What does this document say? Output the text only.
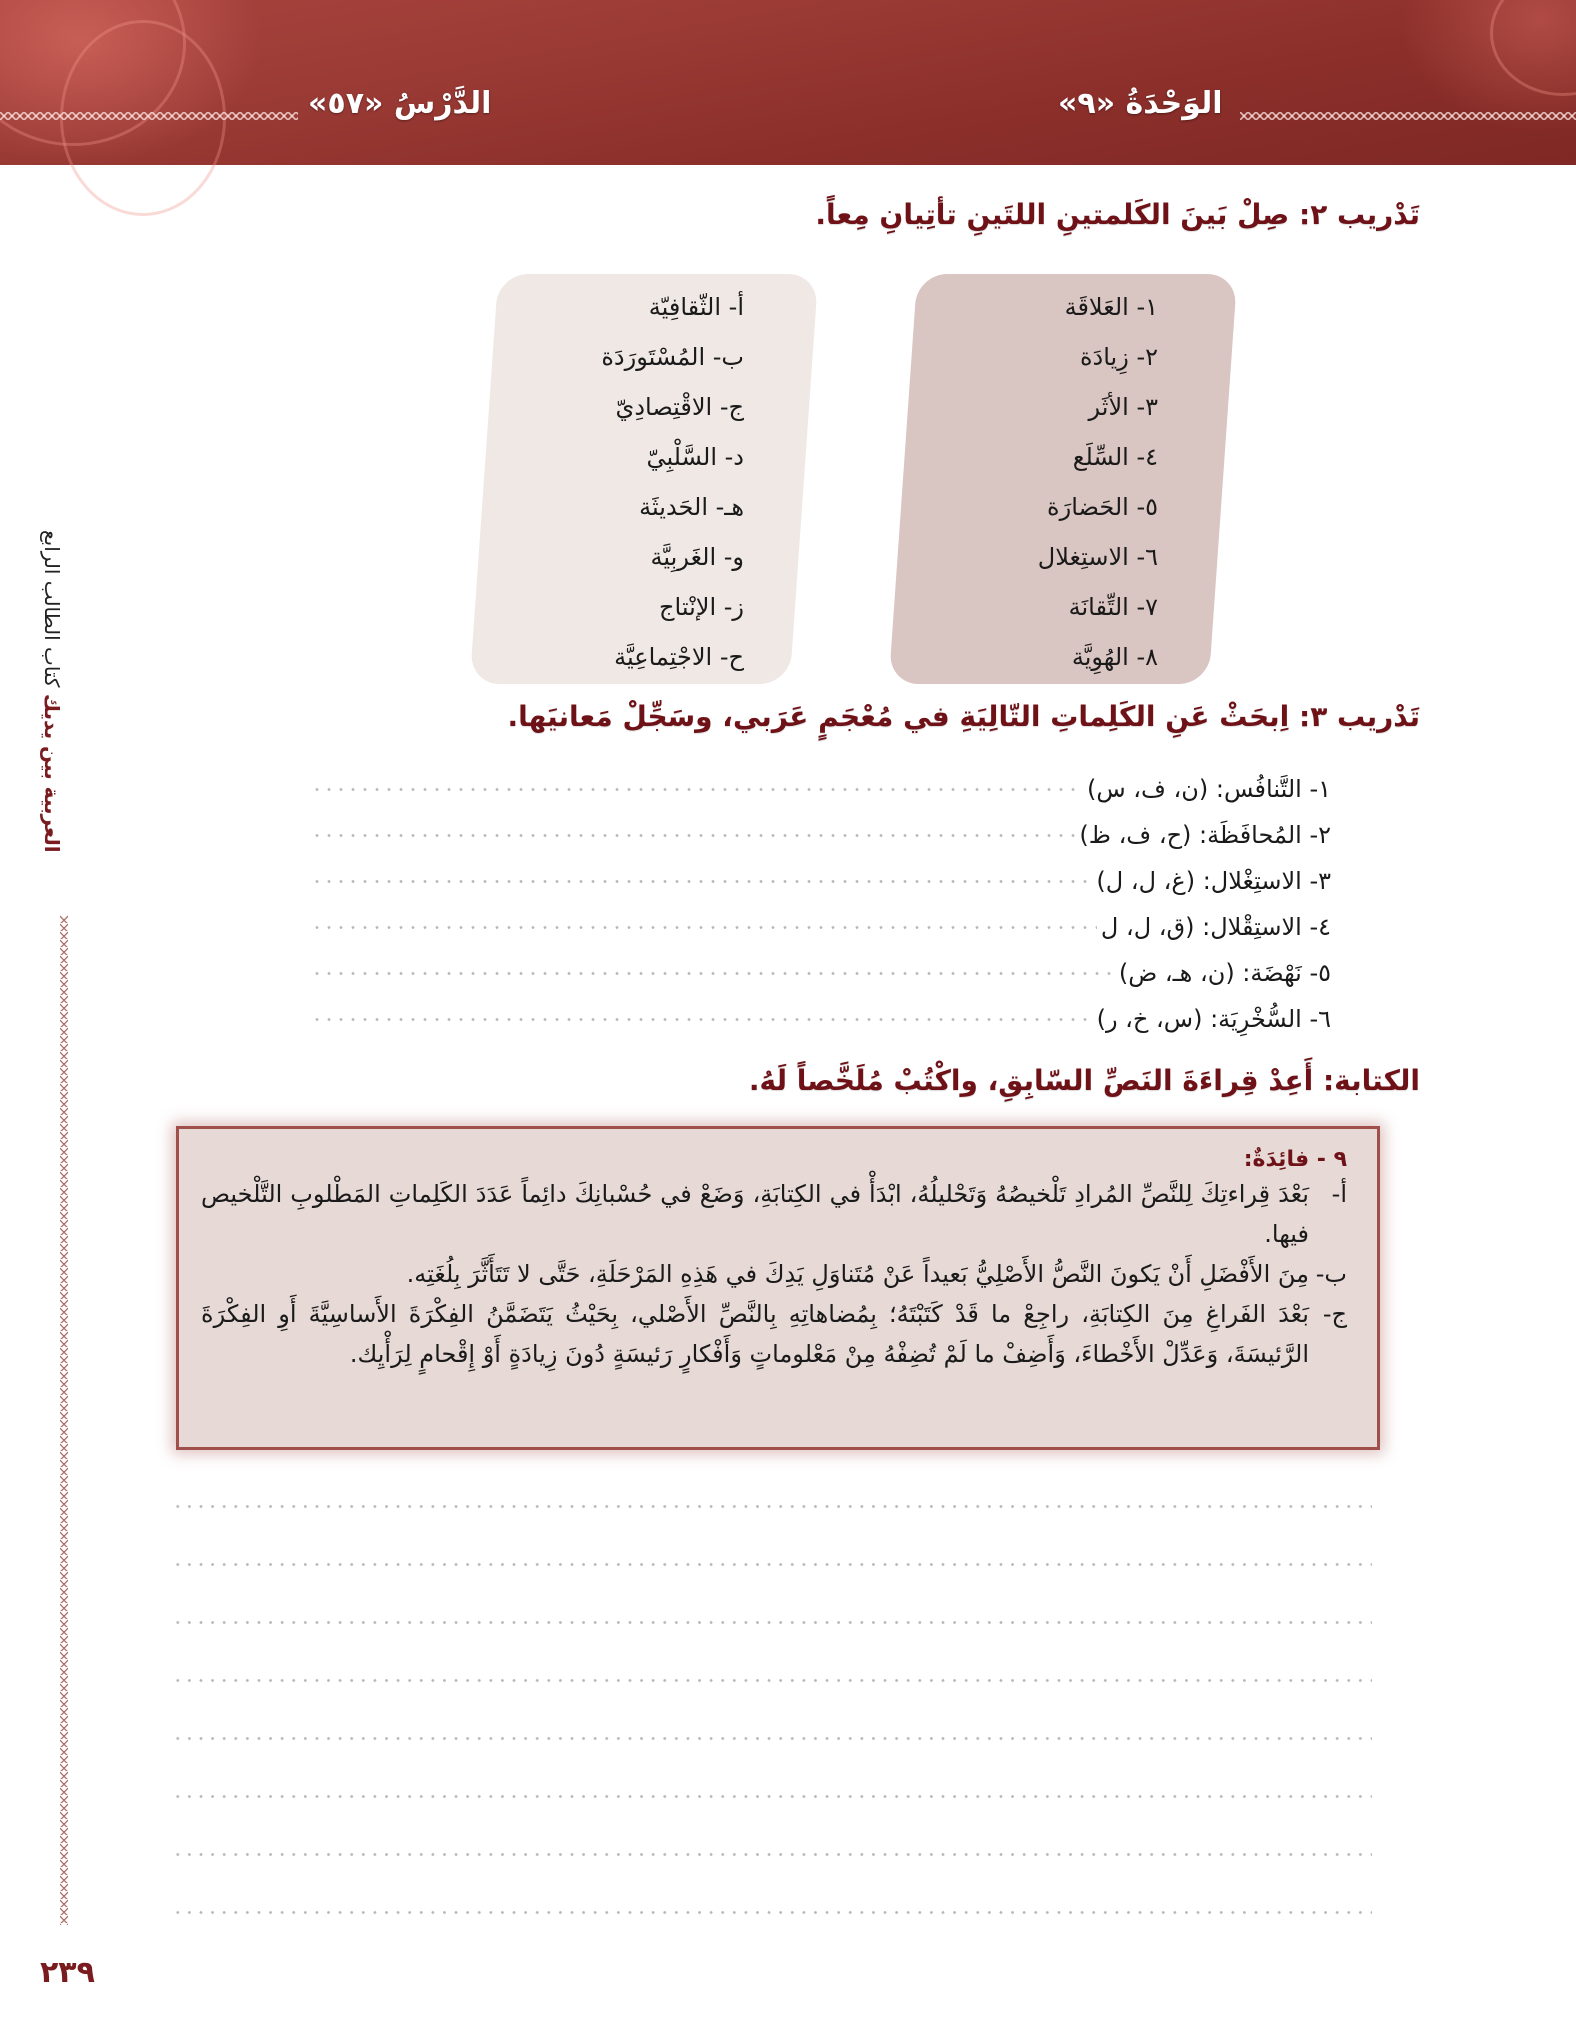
الدَّرْسُ «٥٧»	الوَحْدَةُ «٩»
العربية بين يديك كتاب الطالب الرابع
٢٣٩
تَدْريب ٢: صِلْ بَينَ الكَلمتينِ اللتَينِ تأتِيانِ مِعاً.
١- العَلاقَة
٢- زِيادَة
٣- الأثَر
٤- السِّلَع
٥- الحَضارَة
٦- الاستِغلال
٧- التِّقانَة
٨- الهُوِيَّة
أ- الثّقافِيّة
ب- المُسْتَورَدَة
ج- الاقْتِصادِيّ
د- السَّلْبِيّ
هـ- الحَديثَة
و- الغَربِيَّة
ز- الإنْتاج
ح- الاجْتِماعِيَّة
تَدْريب ٣: اِبحَثْ عَنِ الكَلِماتِ التّالِيَةِ في مُعْجَمٍ عَرَبي، وسَجِّلْ مَعانيَها.
١- التَّنافُس: (ن، ف، س)
٢- المُحافَظَة: (ح، ف، ظ)
٣- الاستِغْلال: (غ، ل، ل)
٤- الاستِقْلال: (ق، ل، ل
٥- نَهْضَة: (ن، هـ، ض)
٦- السُّخْرِيَة: (س، خ، ر)
الكتابة: أَعِدْ قِراءَةَ النَصِّ السّابِقِ، واكْتُبْ مُلَخَّصاً لَهُ.
٩ - فائِدَةٌ:
أ-
بَعْدَ قِراءتِكَ لِلنَّصِّ المُرادِ تَلْخيصُهُ وَتَحْليلُهُ، ابْدَأْ في الكِتابَةِ، وَضَعْ في حُسْبانِكَ دائِماً عَدَدَ الكَلِماتِ المَطْلوبِ التَّلْخيص فيها.
ب-
مِنَ الأَفْضَلِ أَنْ يَكونَ النَّصُّ الأَصْلِيُّ بَعيداً عَنْ مُتَناوَلِ يَدِكَ في هَذِهِ المَرْحَلَةِ، حَتَّى لا تَتَأَثَّرَ بِلُغَتِه.
ج-
بَعْدَ الفَراغِ مِنَ الكِتابَةِ، راجِعْ ما قَدْ كَتَبْتَهُ؛ بِمُضاهاتِهِ بِالنَّصِّ الأَصْلي، بِحَيْثُ يَتَضَمَّنُ الفِكْرَةَ الأَساسِيَّةَ أَوِ الفِكْرَةَ الرَّئيسَةَ، وَعَدِّلْ الأَخْطاءَ، وَأَضِفْ ما لَمْ تُضِفْهُ مِنْ مَعْلوماتٍ وَأَفْكارٍ رَئيسَةٍ دُونَ زِيادَةٍ أَوْ إِقْحامٍ لِرَأْيِك.
